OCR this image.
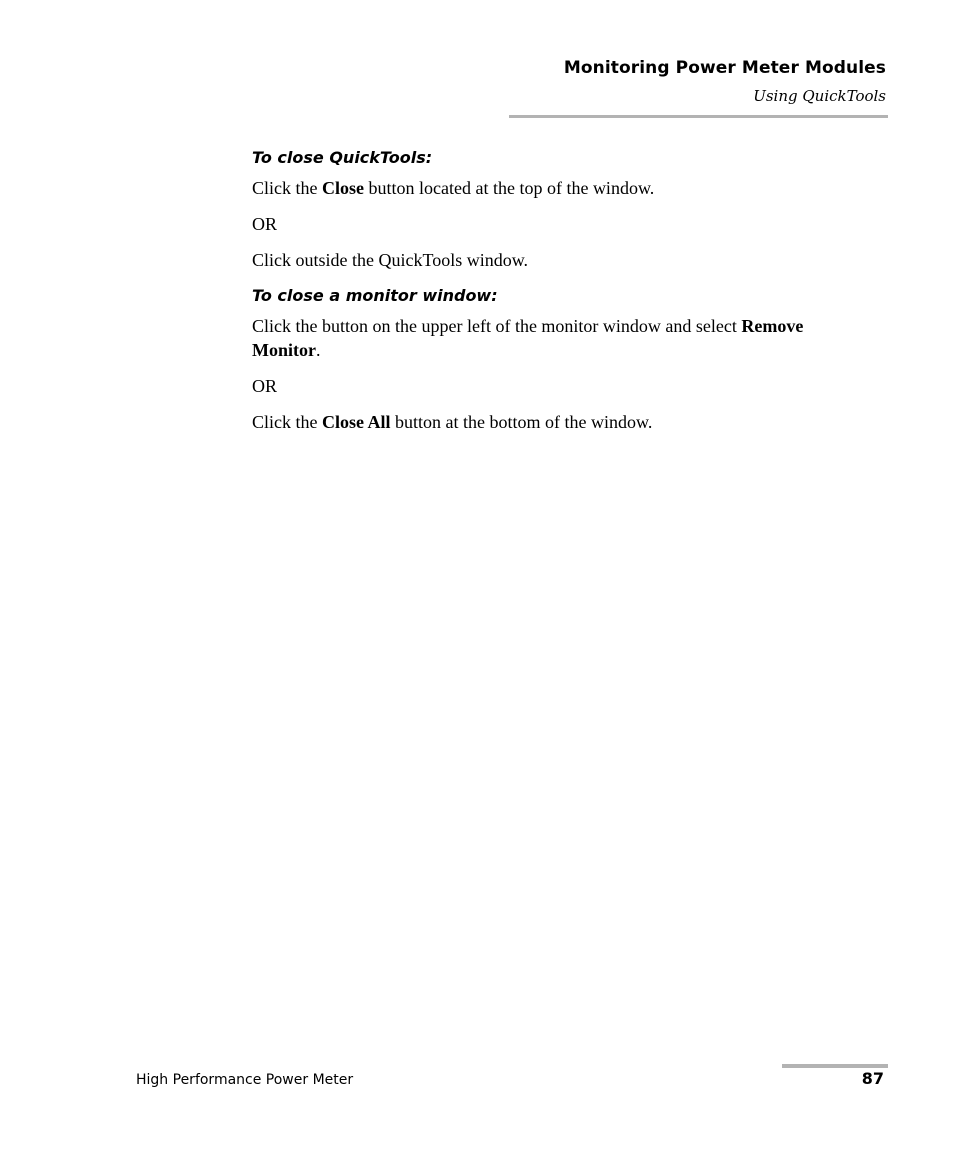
Monitoring Power Meter Modules
Using QuickTools
To close QuickTools:

Click the Close button located at the top of the window.

OR

Click outside the QuickTools window.

To close a monitor window:

Click the button on the upper left of the monitor window and select Remove Monitor.

OR

Click the Close All button at the bottom of the window.

High Performance Power Meter	87
